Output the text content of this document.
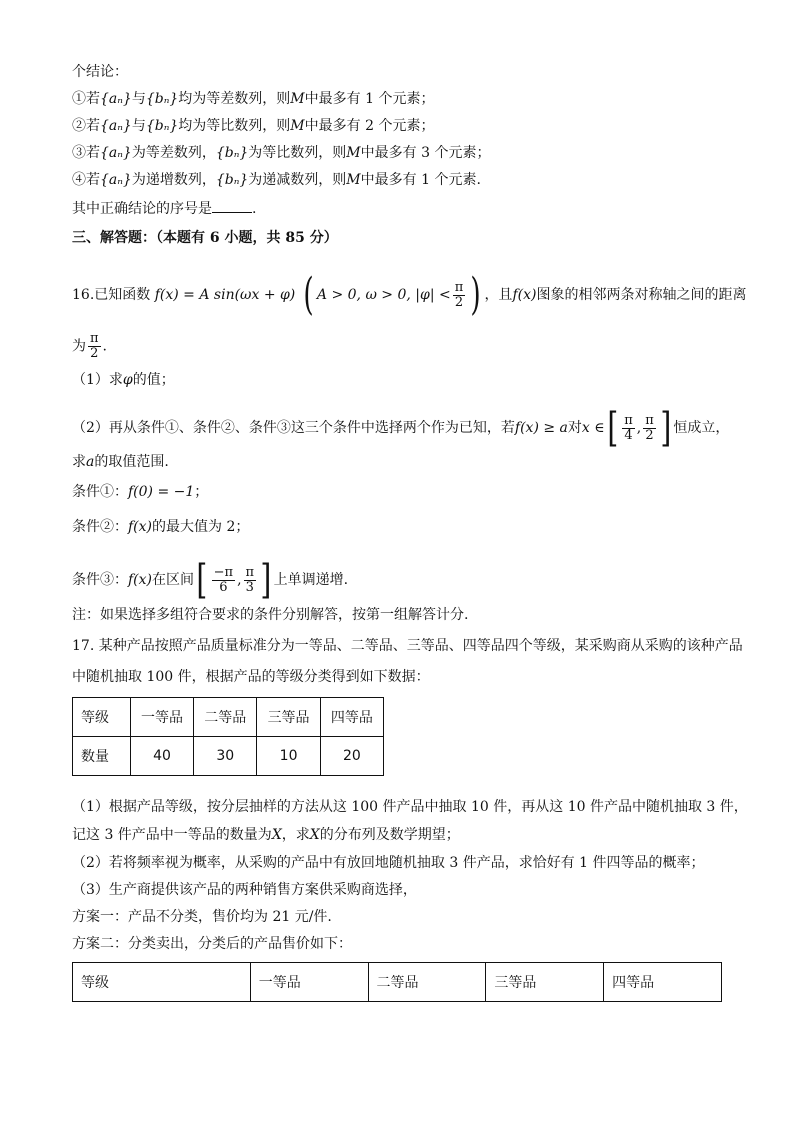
个结论：
①若{aₙ}与{bₙ}均为等差数列，则M中最多有 1 个元素；
②若{aₙ}与{bₙ}均为等比数列，则M中最多有 2 个元素；
③若{aₙ}为等差数列，{bₙ}为等比数列，则M中最多有 3 个元素；
④若{aₙ}为递增数列，{bₙ}为递减数列，则M中最多有 1 个元素.
其中正确结论的序号是	.
三、解答题：（本题有 6 小题，共 85 分）
16.已知函数 f(x) = A sin(ωx + φ) ( A > 0, ω > 0, $|\varphi| < \frac{\pi}{2}$ ) ，且f(x)图象的相邻两条对称轴之间的距离
为 $\frac{\pi}{2}$ .
（1）求φ的值；
（2）再从条件①、条件②、条件③这三个条件中选择两个作为已知，若f(x) ≥ a对x ∈[ $\frac{\pi}{4}$ , $\frac{\pi}{2}$ ] 恒成立，
求a的取值范围.
条件①：f(0) = −1；
条件②：f(x)的最大值为 2；
条件③：f(x)在区间[ $\frac{-\pi}{6}$ , $\frac{\pi}{3}$ ] 上单调递增.
注：如果选择多组符合要求的条件分别解答，按第一组解答计分.
17. 某种产品按照产品质量标准分为一等品、二等品、三等品、四等品四个等级，某采购商从采购的该种产品
中随机抽取 100 件，根据产品的等级分类得到如下数据：
等级	一等品	二等品	三等品	四等品
数量	40	30	10	20
（1）根据产品等级，按分层抽样的方法从这 100 件产品中抽取 10 件，再从这 10 件产品中随机抽取 3 件，
记这 3 件产品中一等品的数量为X，求X的分布列及数学期望；
（2）若将频率视为概率，从采购的产品中有放回地随机抽取 3 件产品，求恰好有 1 件四等品的概率；
（3）生产商提供该产品的两种销售方案供采购商选择，
方案一：产品不分类，售价均为 21 元/件.
方案二：分类卖出，分类后的产品售价如下：
等级	一等品	二等品	三等品	四等品
